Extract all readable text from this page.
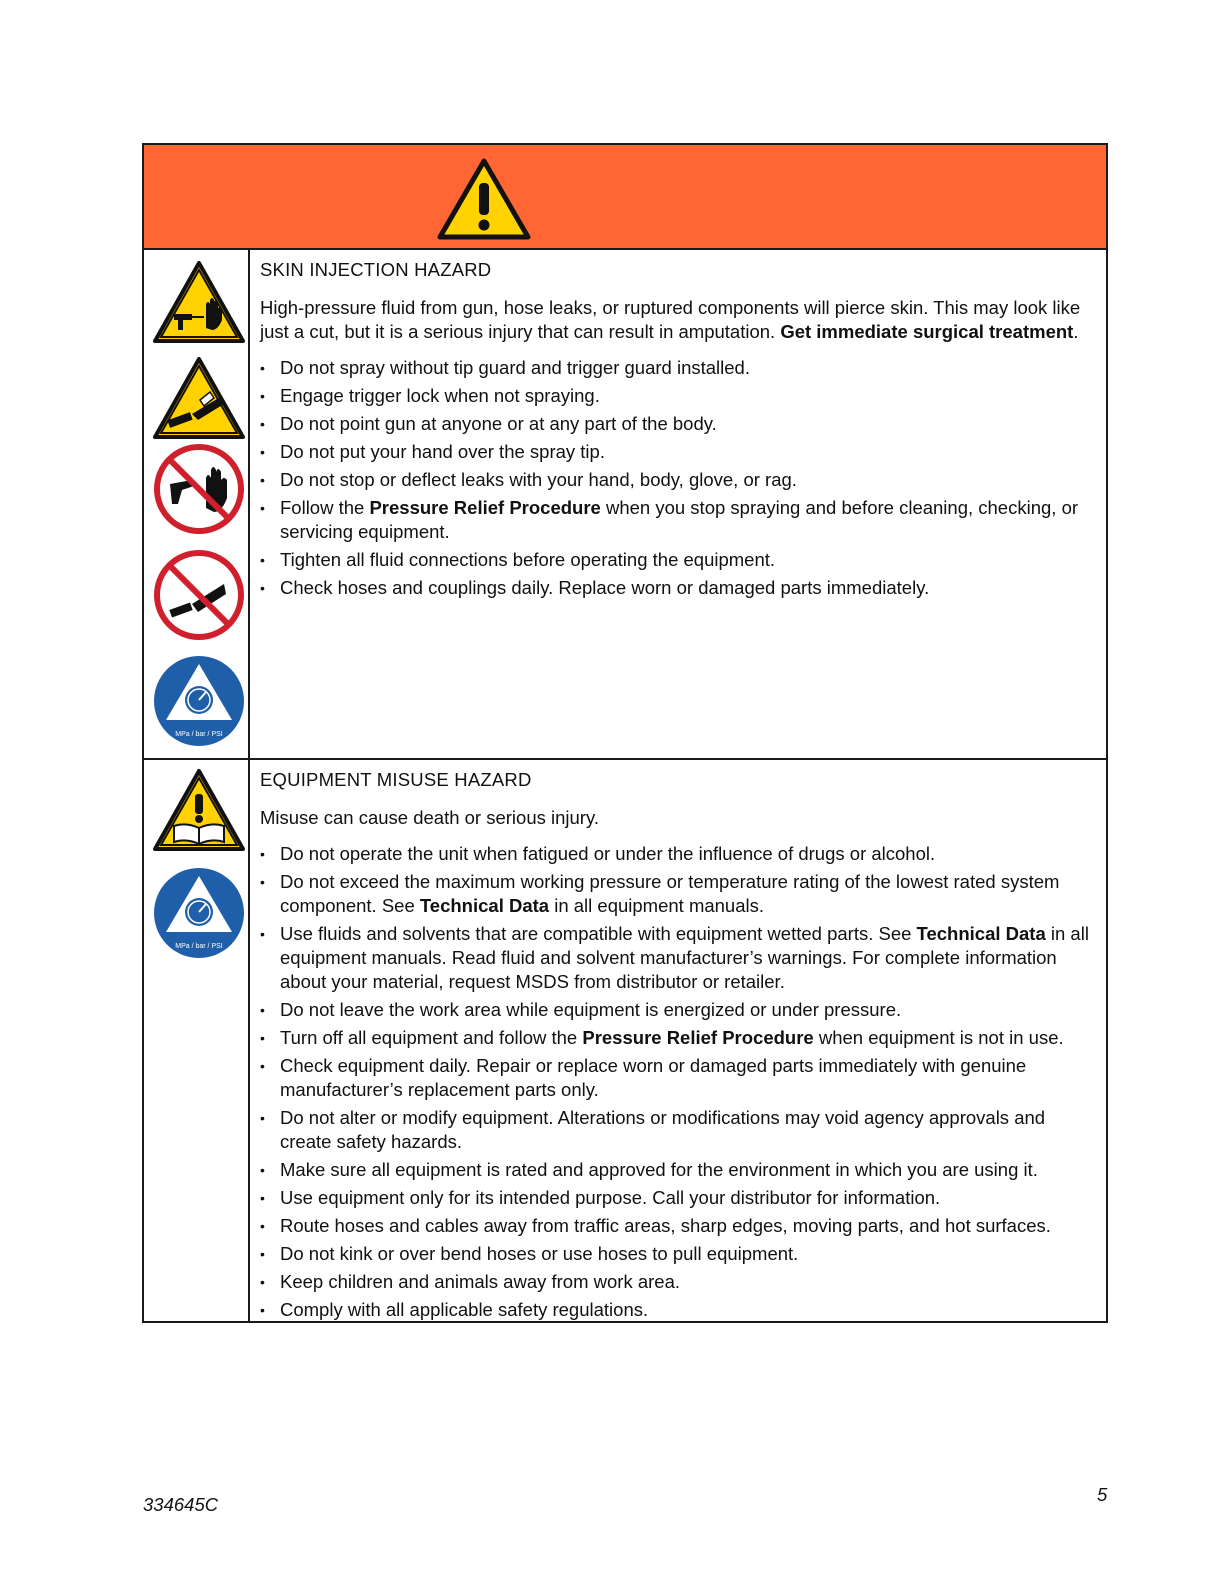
MPa / bar / PSI
SKIN INJECTION HAZARD

High-pressure fluid from gun, hose leaks, or ruptured components will pierce skin. This may look like just a cut, but it is a serious injury that can result in amputation. Get immediate surgical treatment.

• Do not spray without tip guard and trigger guard installed.
• Engage trigger lock when not spraying.
• Do not point gun at anyone or at any part of the body.
• Do not put your hand over the spray tip.
• Do not stop or deflect leaks with your hand, body, glove, or rag.
• Follow the Pressure Relief Procedure when you stop spraying and before cleaning, checking, or servicing equipment.
• Tighten all fluid connections before operating the equipment.
• Check hoses and couplings daily. Replace worn or damaged parts immediately.
MPa / bar / PSI
EQUIPMENT MISUSE HAZARD

Misuse can cause death or serious injury.

• Do not operate the unit when fatigued or under the influence of drugs or alcohol.
• Do not exceed the maximum working pressure or temperature rating of the lowest rated system component. See Technical Data in all equipment manuals.
• Use fluids and solvents that are compatible with equipment wetted parts. See Technical Data in all equipment manuals. Read fluid and solvent manufacturer’s warnings. For complete information about your material, request MSDS from distributor or retailer.
• Do not leave the work area while equipment is energized or under pressure.
• Turn off all equipment and follow the Pressure Relief Procedure when equipment is not in use.
• Check equipment daily. Repair or replace worn or damaged parts immediately with genuine manufacturer’s replacement parts only.
• Do not alter or modify equipment. Alterations or modifications may void agency approvals and create safety hazards.
• Make sure all equipment is rated and approved for the environment in which you are using it.
• Use equipment only for its intended purpose. Call your distributor for information.
• Route hoses and cables away from traffic areas, sharp edges, moving parts, and hot surfaces.
• Do not kink or over bend hoses or use hoses to pull equipment.
• Keep children and animals away from work area.
• Comply with all applicable safety regulations.
334645C	5
